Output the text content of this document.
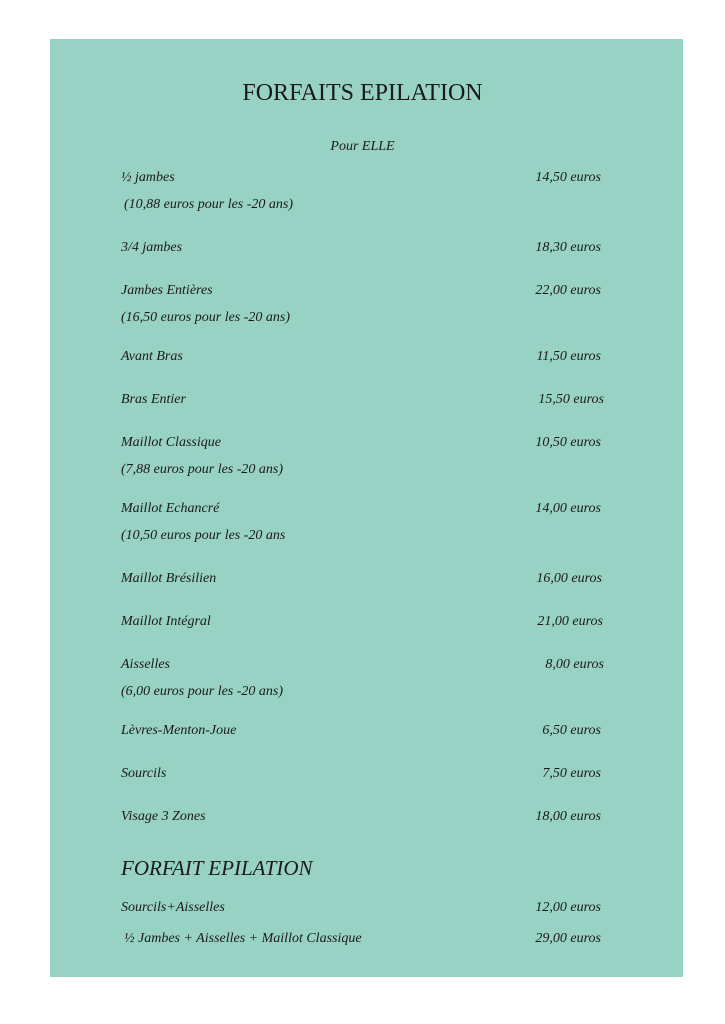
FORFAITS EPILATION
Pour ELLE
½ jambes	14,50 euros
(10,88 euros pour les -20 ans)
3/4 jambes	18,30 euros
Jambes Entières	22,00 euros
(16,50 euros pour les -20 ans)
Avant Bras	11,50 euros
Bras Entier	15,50 euros
Maillot Classique	10,50 euros
(7,88 euros pour les -20 ans)
Maillot Echancré	14,00 euros
(10,50 euros pour les -20 ans
Maillot Brésilien	16,00 euros
Maillot Intégral	21,00 euros
Aisselles	8,00 euros
(6,00 euros pour les -20 ans)
Lèvres-Menton-Joue	6,50 euros
Sourcils	7,50 euros
Visage 3 Zones	18,00 euros
FORFAIT EPILATION
Sourcils+Aisselles	12,00 euros
½ Jambes + Aisselles + Maillot Classique	29,00 euros
